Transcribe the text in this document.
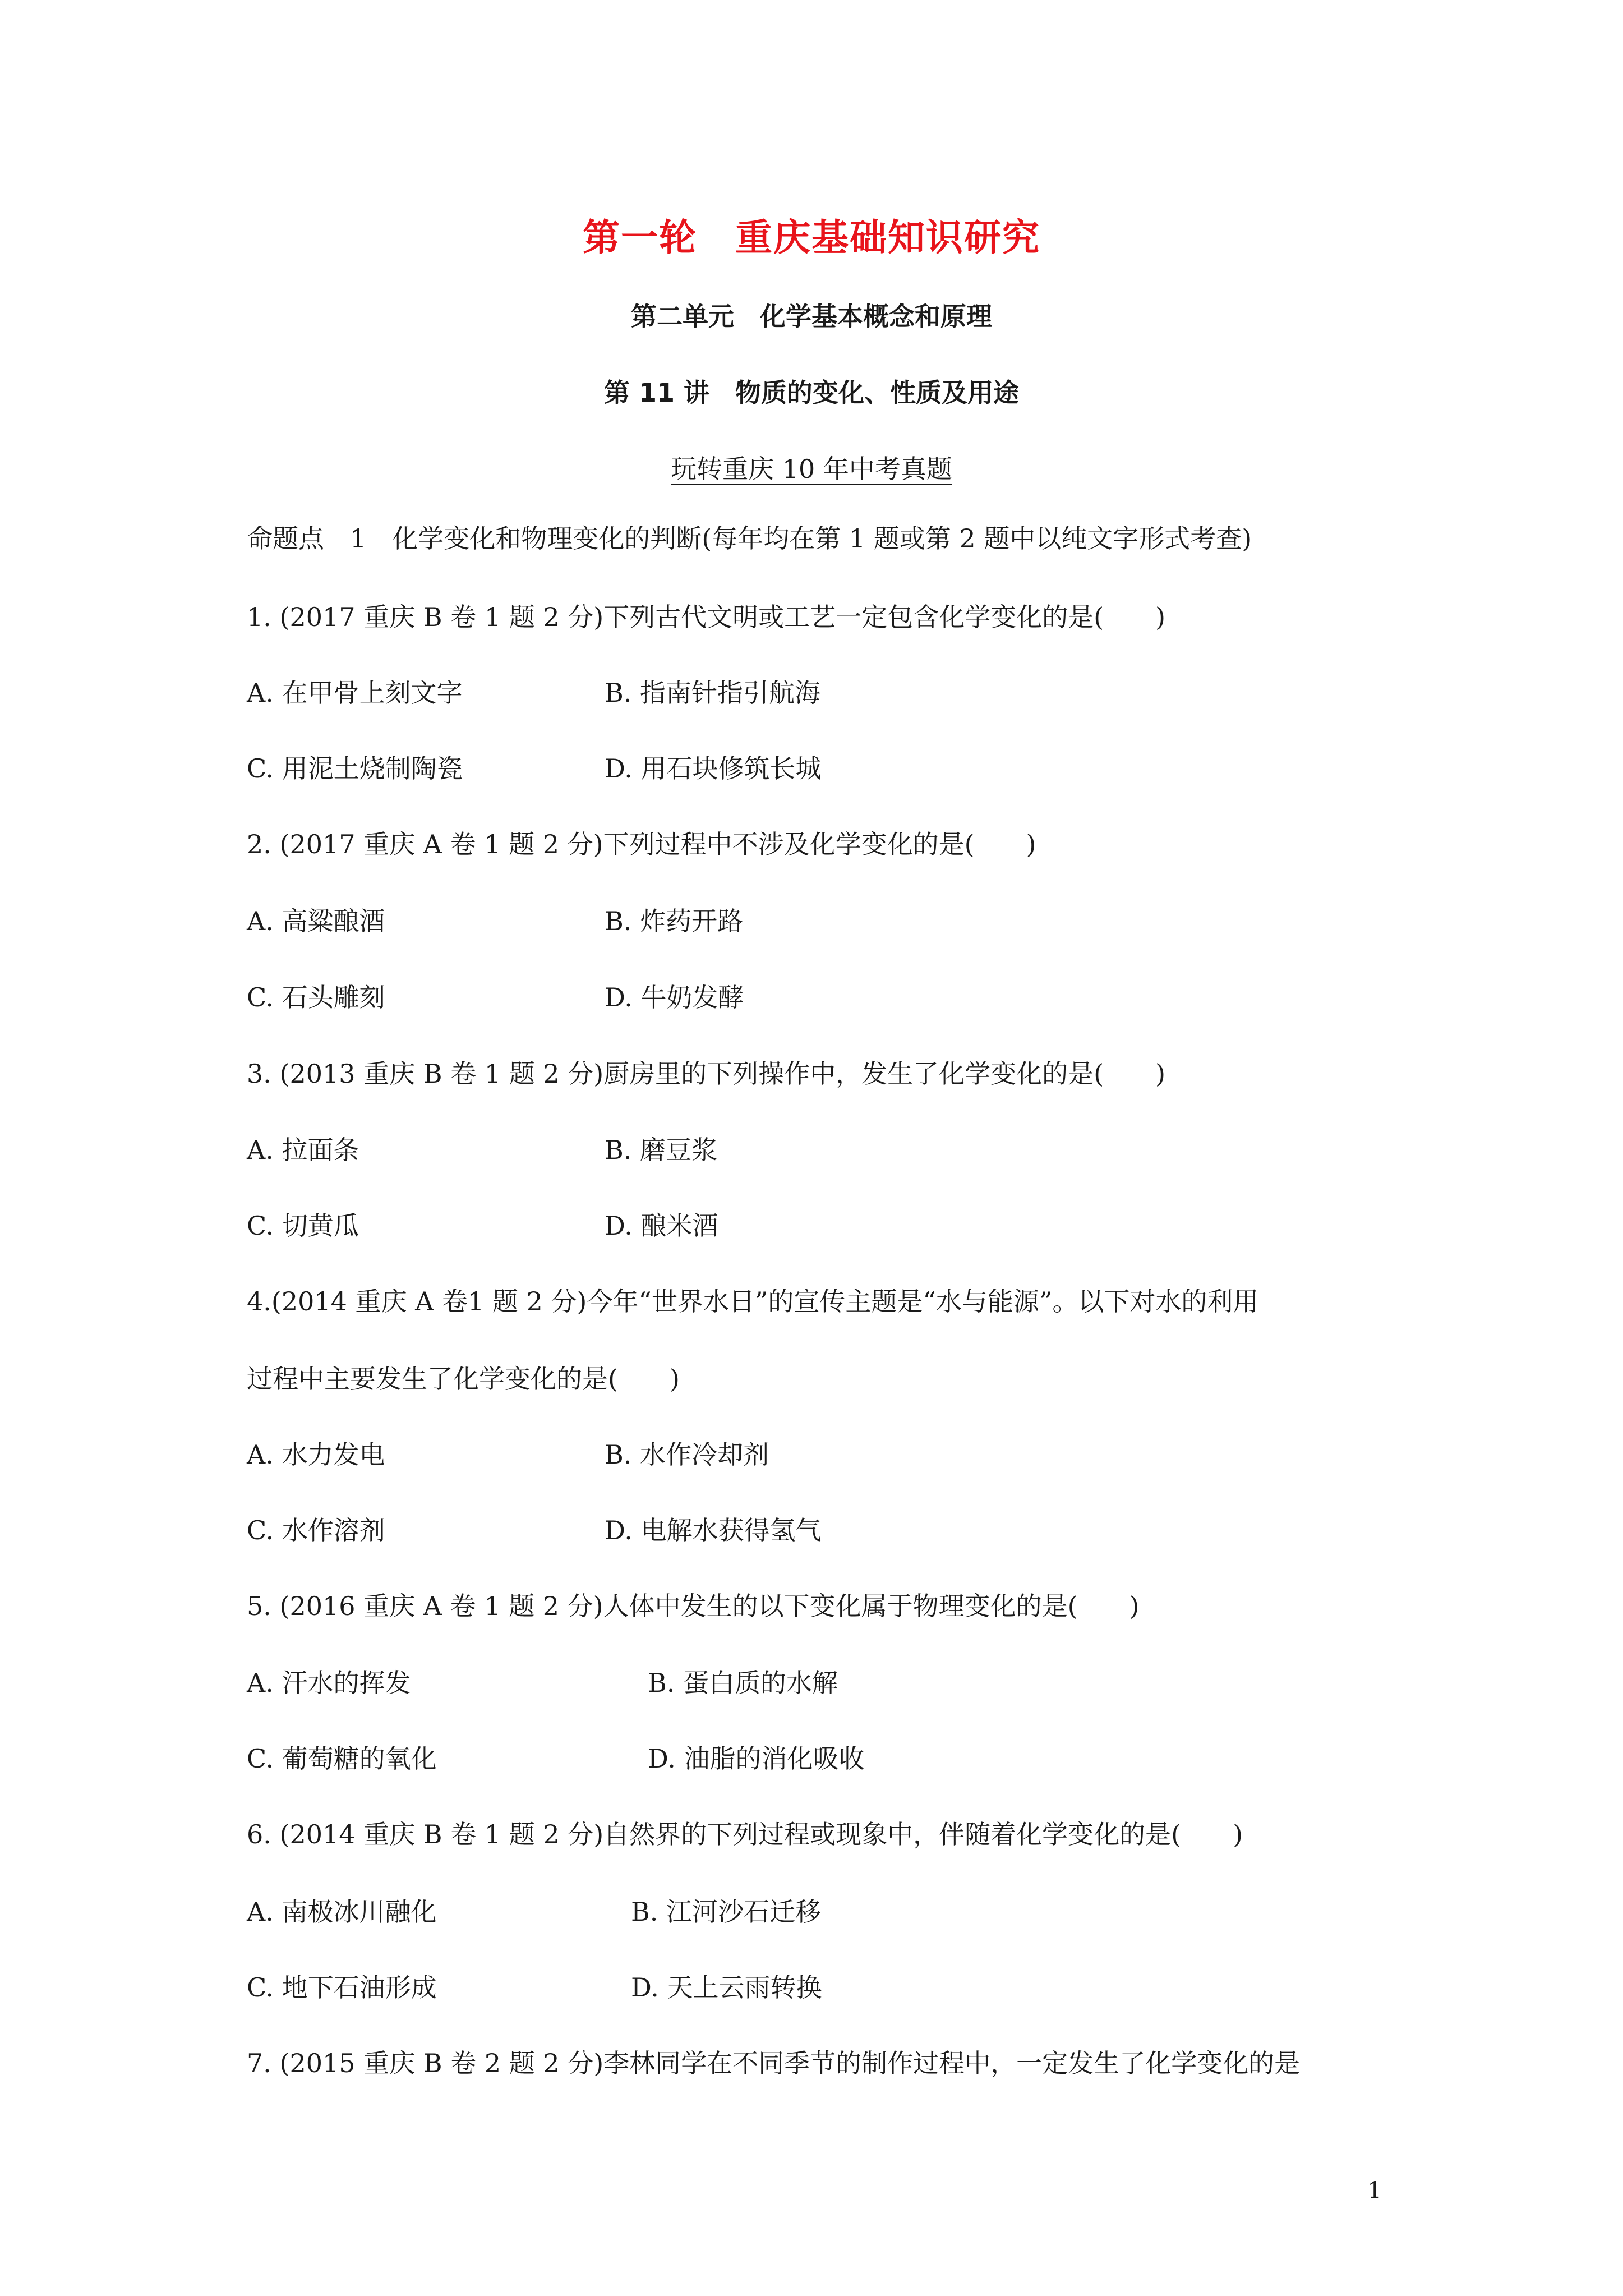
第一轮　重庆基础知识研究
第二单元　化学基本概念和原理
第 11 讲　物质的变化、性质及用途
玩转重庆 10 年中考真题
命题点　1　化学变化和物理变化的判断(每年均在第 1 题或第 2 题中以纯文字形式考查)
1. (2017 重庆 B 卷 1 题 2 分)下列古代文明或工艺一定包含化学变化的是(　　)
A. 在甲骨上刻文字	B. 指南针指引航海
C. 用泥土烧制陶瓷	D. 用石块修筑长城
2. (2017 重庆 A 卷 1 题 2 分)下列过程中不涉及化学变化的是(　　)
A. 高粱酿酒	B. 炸药开路
C. 石头雕刻	D. 牛奶发酵
3. (2013 重庆 B 卷 1 题 2 分)厨房里的下列操作中，发生了化学变化的是(　　)
A. 拉面条	B. 磨豆浆
C. 切黄瓜	D. 酿米酒
4.(2014 重庆 A 卷1 题 2 分)今年“世界水日”的宣传主题是“水与能源”。以下对水的利用
过程中主要发生了化学变化的是(　　)
A. 水力发电	B. 水作冷却剂
C. 水作溶剂	D. 电解水获得氢气
5. (2016 重庆 A 卷 1 题 2 分)人体中发生的以下变化属于物理变化的是(　　)
A. 汗水的挥发	B. 蛋白质的水解
C. 葡萄糖的氧化	D. 油脂的消化吸收
6. (2014 重庆 B 卷 1 题 2 分)自然界的下列过程或现象中，伴随着化学变化的是(　　)
A. 南极冰川融化	B. 江河沙石迁移
C. 地下石油形成	D. 天上云雨转换
7. (2015 重庆 B 卷 2 题 2 分)李林同学在不同季节的制作过程中，一定发生了化学变化的是
1
